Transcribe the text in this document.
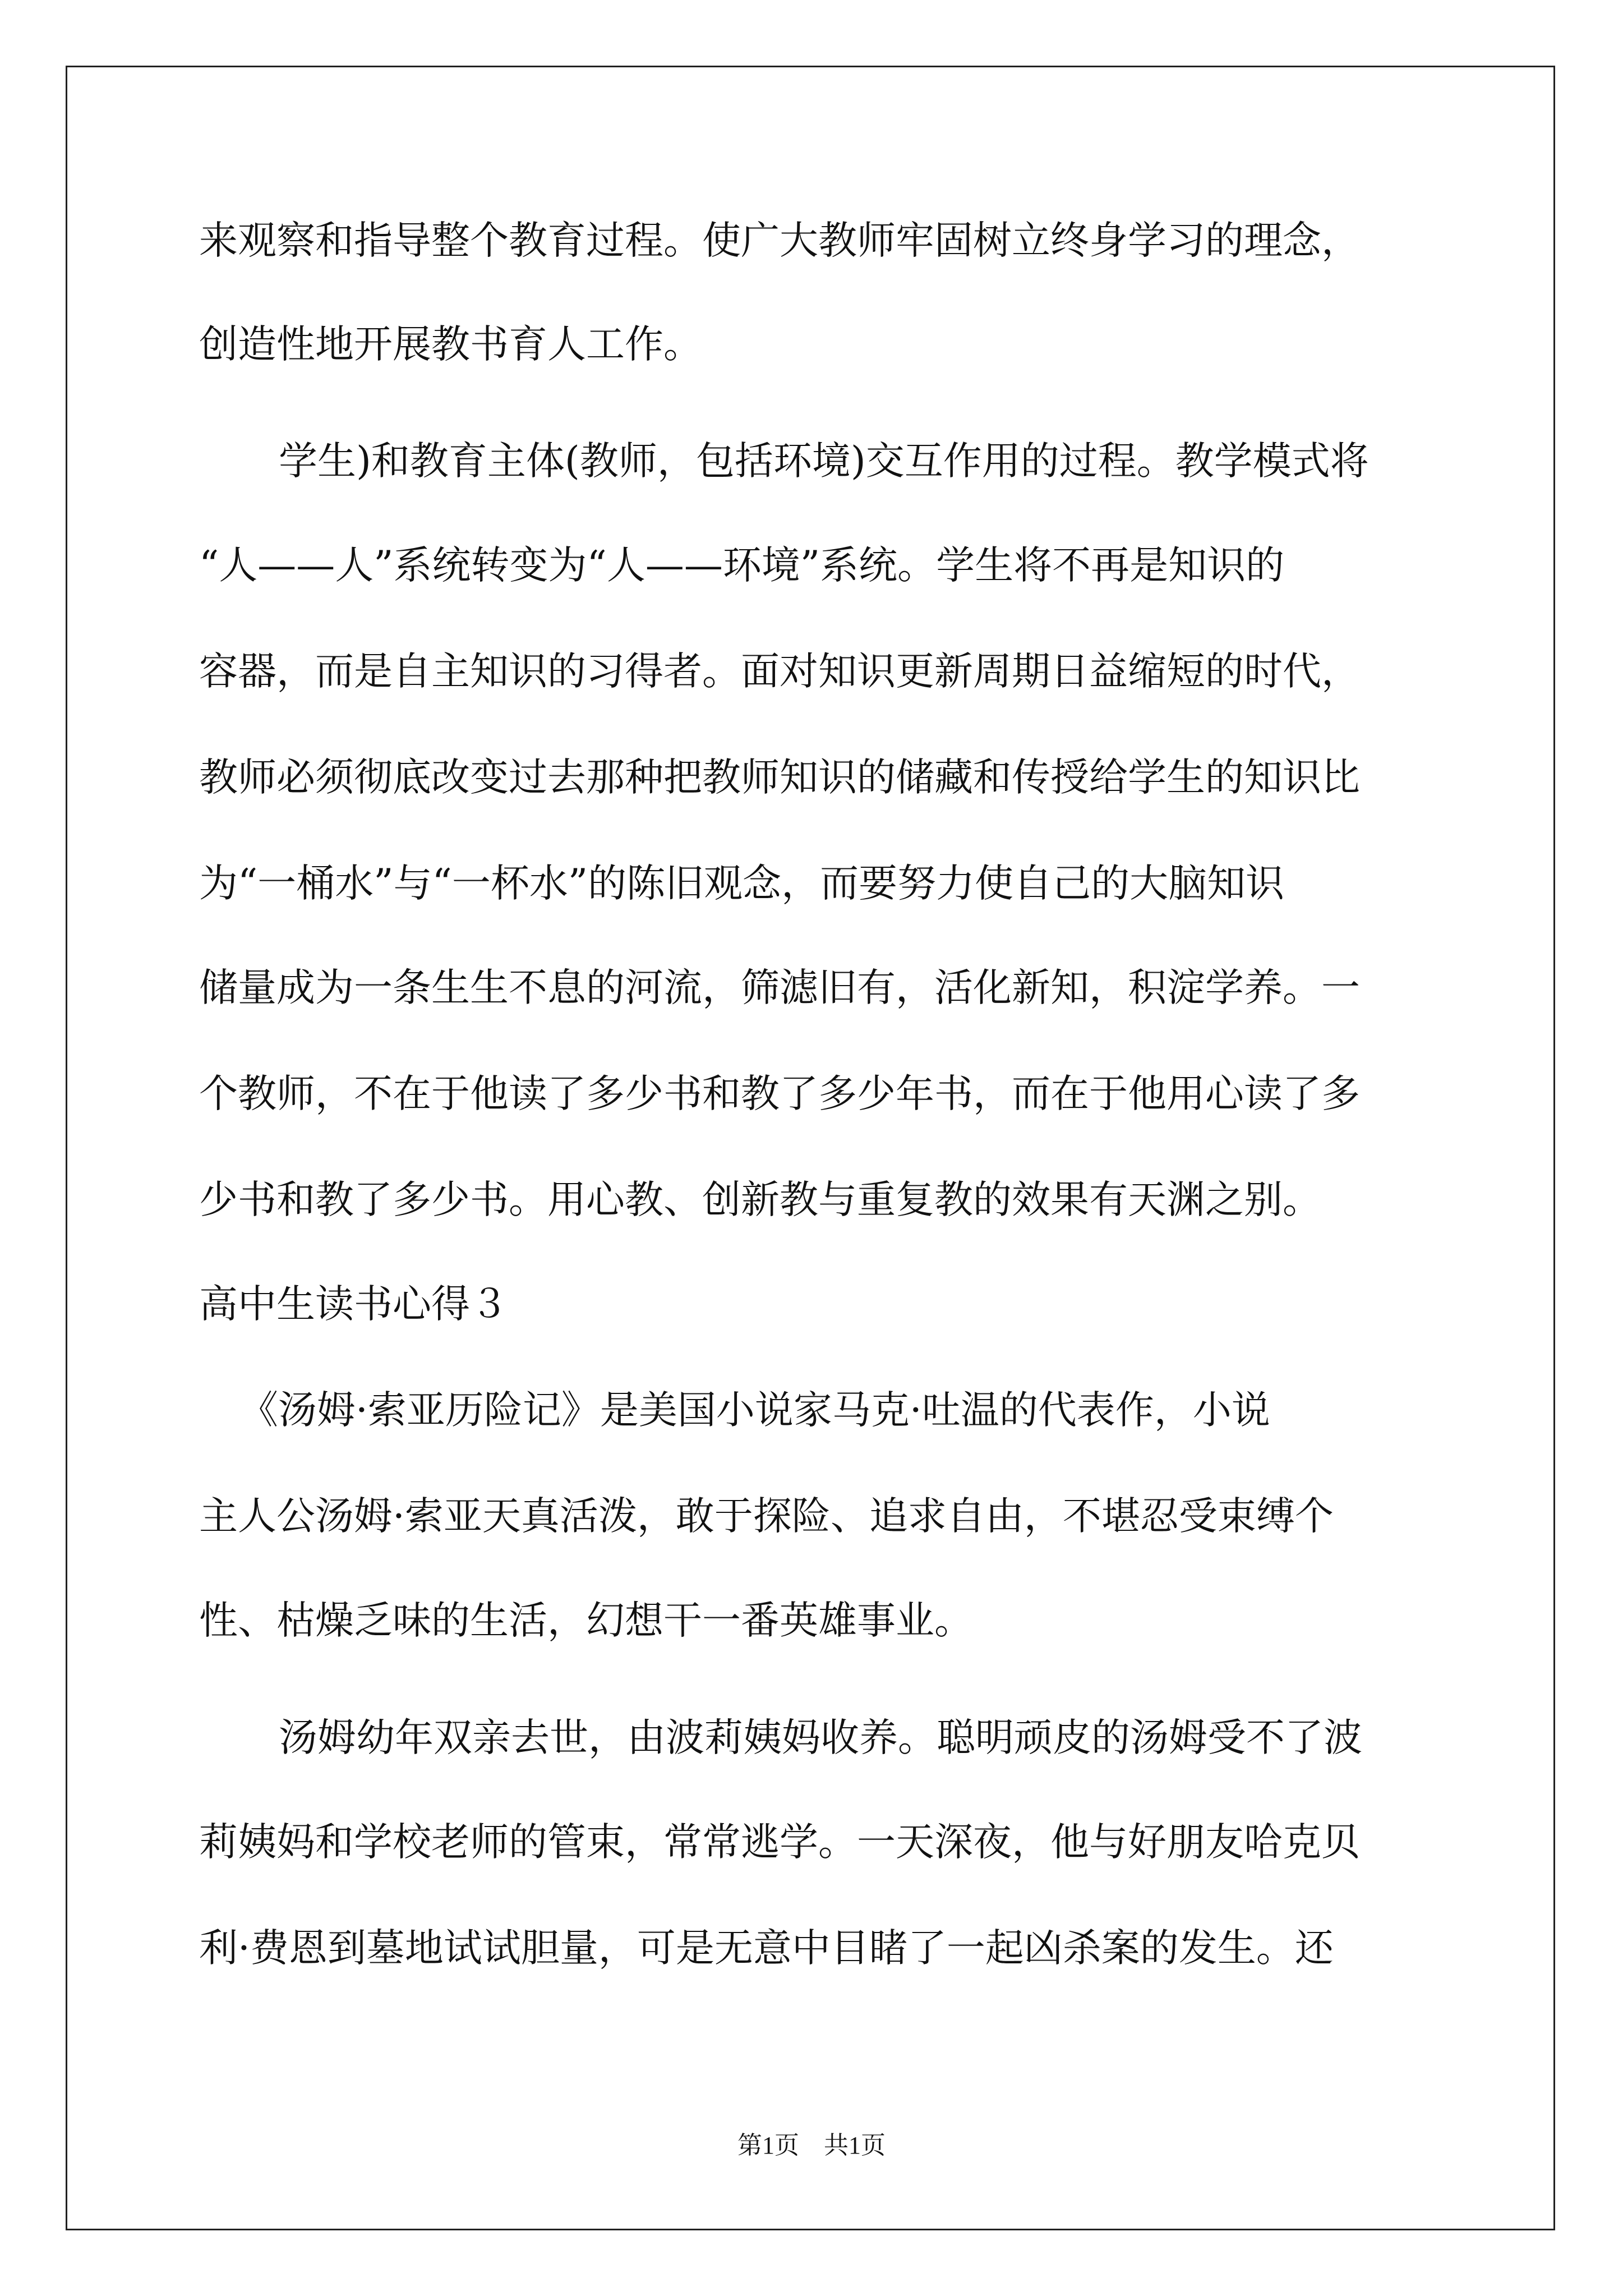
来观察和指导整个教育过程。使广大教师牢固树立终身学习的理念，
创造性地开展教书育人工作。
学生)和教育主体(教师，包括环境)交互作用的过程。教学模式将
“人——人”系统转变为“人——环境”系统。学生将不再是知识的
容器，而是自主知识的习得者。面对知识更新周期日益缩短的时代，
教师必须彻底改变过去那种把教师知识的储藏和传授给学生的知识比
为“一桶水”与“一杯水”的陈旧观念，而要努力使自己的大脑知识
储量成为一条生生不息的河流，筛滤旧有，活化新知，积淀学养。一
个教师，不在于他读了多少书和教了多少年书，而在于他用心读了多
少书和教了多少书。用心教、创新教与重复教的效果有天渊之别。
高中生读书心得３
《汤姆·索亚历险记》是美国小说家马克·吐温的代表作，小说
主人公汤姆·索亚天真活泼，敢于探险、追求自由，不堪忍受束缚个
性、枯燥乏味的生活，幻想干一番英雄事业。
汤姆幼年双亲去世，由波莉姨妈收养。聪明顽皮的汤姆受不了波
莉姨妈和学校老师的管束，常常逃学。一天深夜，他与好朋友哈克贝
利·费恩到墓地试试胆量，可是无意中目睹了一起凶杀案的发生。还
第1页　共1页
